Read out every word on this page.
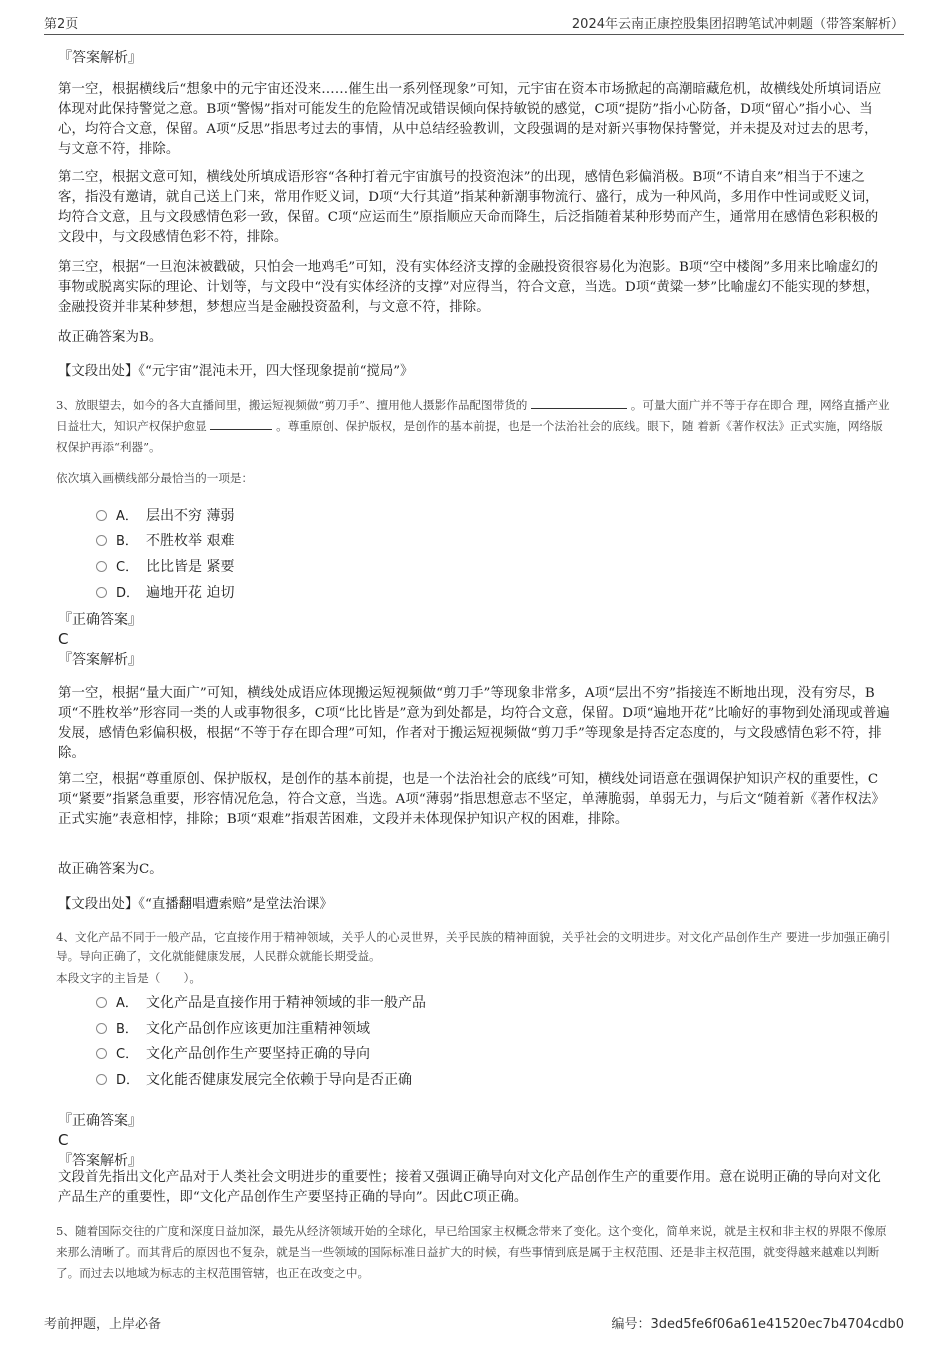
第2页	2024年云南正康控股集团招聘笔试冲刺题（带答案解析）
『答案解析』

第一空，根据横线后“想象中的元宇宙还没来……催生出一系列怪现象”可知，元宇宙在资本市场掀起的高潮暗藏危机，故横线处所填词语应体现对此保持警觉之意。B项“警惕”指对可能发生的危险情况或错误倾向保持敏锐的感觉，C项“提防”指小心防备，D项“留心”指小心、当心，均符合文意，保留。A项“反思”指思考过去的事情，从中总结经验教训，文段强调的是对新兴事物保持警觉，并未提及对过去的思考，与文意不符，排除。

第二空，根据文意可知，横线处所填成语形容“各种打着元宇宙旗号的投资泡沫”的出现，感情色彩偏消极。B项“不请自来”相当于不速之客，指没有邀请，就自己送上门来，常用作贬义词，D项“大行其道”指某种新潮事物流行、盛行，成为一种风尚，多用作中性词或贬义词，均符合文意，且与文段感情色彩一致，保留。C项“应运而生”原指顺应天命而降生，后泛指随着某种形势而产生，通常用在感情色彩积极的文段中，与文段感情色彩不符，排除。

第三空，根据“一旦泡沫被戳破，只怕会一地鸡毛”可知，没有实体经济支撑的金融投资很容易化为泡影。B项“空中楼阁”多用来比喻虚幻的事物或脱离实际的理论、计划等，与文段中“没有实体经济的支撑”对应得当，符合文意，当选。D项“黄粱一梦”比喻虚幻不能实现的梦想，金融投资并非某种梦想，梦想应当是金融投资盈利，与文意不符，排除。

故正确答案为B。
【文段出处】《“元宇宙”混沌未开，四大怪现象提前“搅局”》

3、放眼望去，如今的各大直播间里，搬运短视频做“剪刀手”、擅用他人摄影作品配图带货的	。可量大面广并不等于存在即合 理，网络直播产业日益壮大，知识产权保护愈显	。尊重原创、保护版权，是创作的基本前提，也是一个法治社会的底线。眼下，随 着新《著作权法》正式实施，网络版权保护再添“利器”。

依次填入画横线部分最恰当的一项是：
A． 层出不穷 薄弱
B． 不胜枚举 艰难
C． 比比皆是 紧要
D． 遍地开花 迫切
『正确答案』
C
『答案解析』

第一空，根据“量大面广”可知，横线处成语应体现搬运短视频做“剪刀手”等现象非常多，A项“层出不穷”指接连不断地出现，没有穷尽，B项“不胜枚举”形容同一类的人或事物很多，C项“比比皆是”意为到处都是，均符合文意，保留。D项“遍地开花”比喻好的事物到处涌现或普遍发展，感情色彩偏积极，根据“不等于存在即合理”可知，作者对于搬运短视频做“剪刀手”等现象是持否定态度的，与文段感情色彩不符，排除。

第二空，根据“尊重原创、保护版权，是创作的基本前提，也是一个法治社会的底线”可知，横线处词语意在强调保护知识产权的重要性，C项“紧要”指紧急重要，形容情况危急，符合文意，当选。A项“薄弱”指思想意志不坚定，单薄脆弱，单弱无力，与后文“随着新《著作权法》正式实施”表意相悖，排除；B项“艰难”指艰苦困难，文段并未体现保护知识产权的困难，排除。

故正确答案为C。
【文段出处】《“直播翻唱遭索赔”是堂法治课》

4、文化产品不同于一般产品，它直接作用于精神领域，关乎人的心灵世界，关乎民族的精神面貌，关乎社会的文明进步。对文化产品创作生产 要进一步加强正确引导。导向正确了，文化就能健康发展，人民群众就能长期受益。

本段文字的主旨是（　　）。
A． 文化产品是直接作用于精神领域的非一般产品
B． 文化产品创作应该更加注重精神领域
C． 文化产品创作生产要坚持正确的导向
D． 文化能否健康发展完全依赖于导向是否正确
『正确答案』
C
『答案解析』

文段首先指出文化产品对于人类社会文明进步的重要性；接着又强调正确导向对文化产品创作生产的重要作用。意在说明正确的导向对文化产品生产的重要性，即“文化产品创作生产要坚持正确的导向”。因此C项正确。

5、随着国际交往的广度和深度日益加深，最先从经济领域开始的全球化，早已给国家主权概念带来了变化。这个变化，简单来说，就是主权和非主权的界限不像原来那么清晰了。而其背后的原因也不复杂，就是当一些领域的国际标准日益扩大的时候，有些事情到底是属于主权范围、还是非主权范围，就变得越来越难以判断了。而过去以地域为标志的主权范围管辖，也正在改变之中。

考前押题，上岸必备	编号：3ded5fe6f06a61e41520ec7b4704cdb0
